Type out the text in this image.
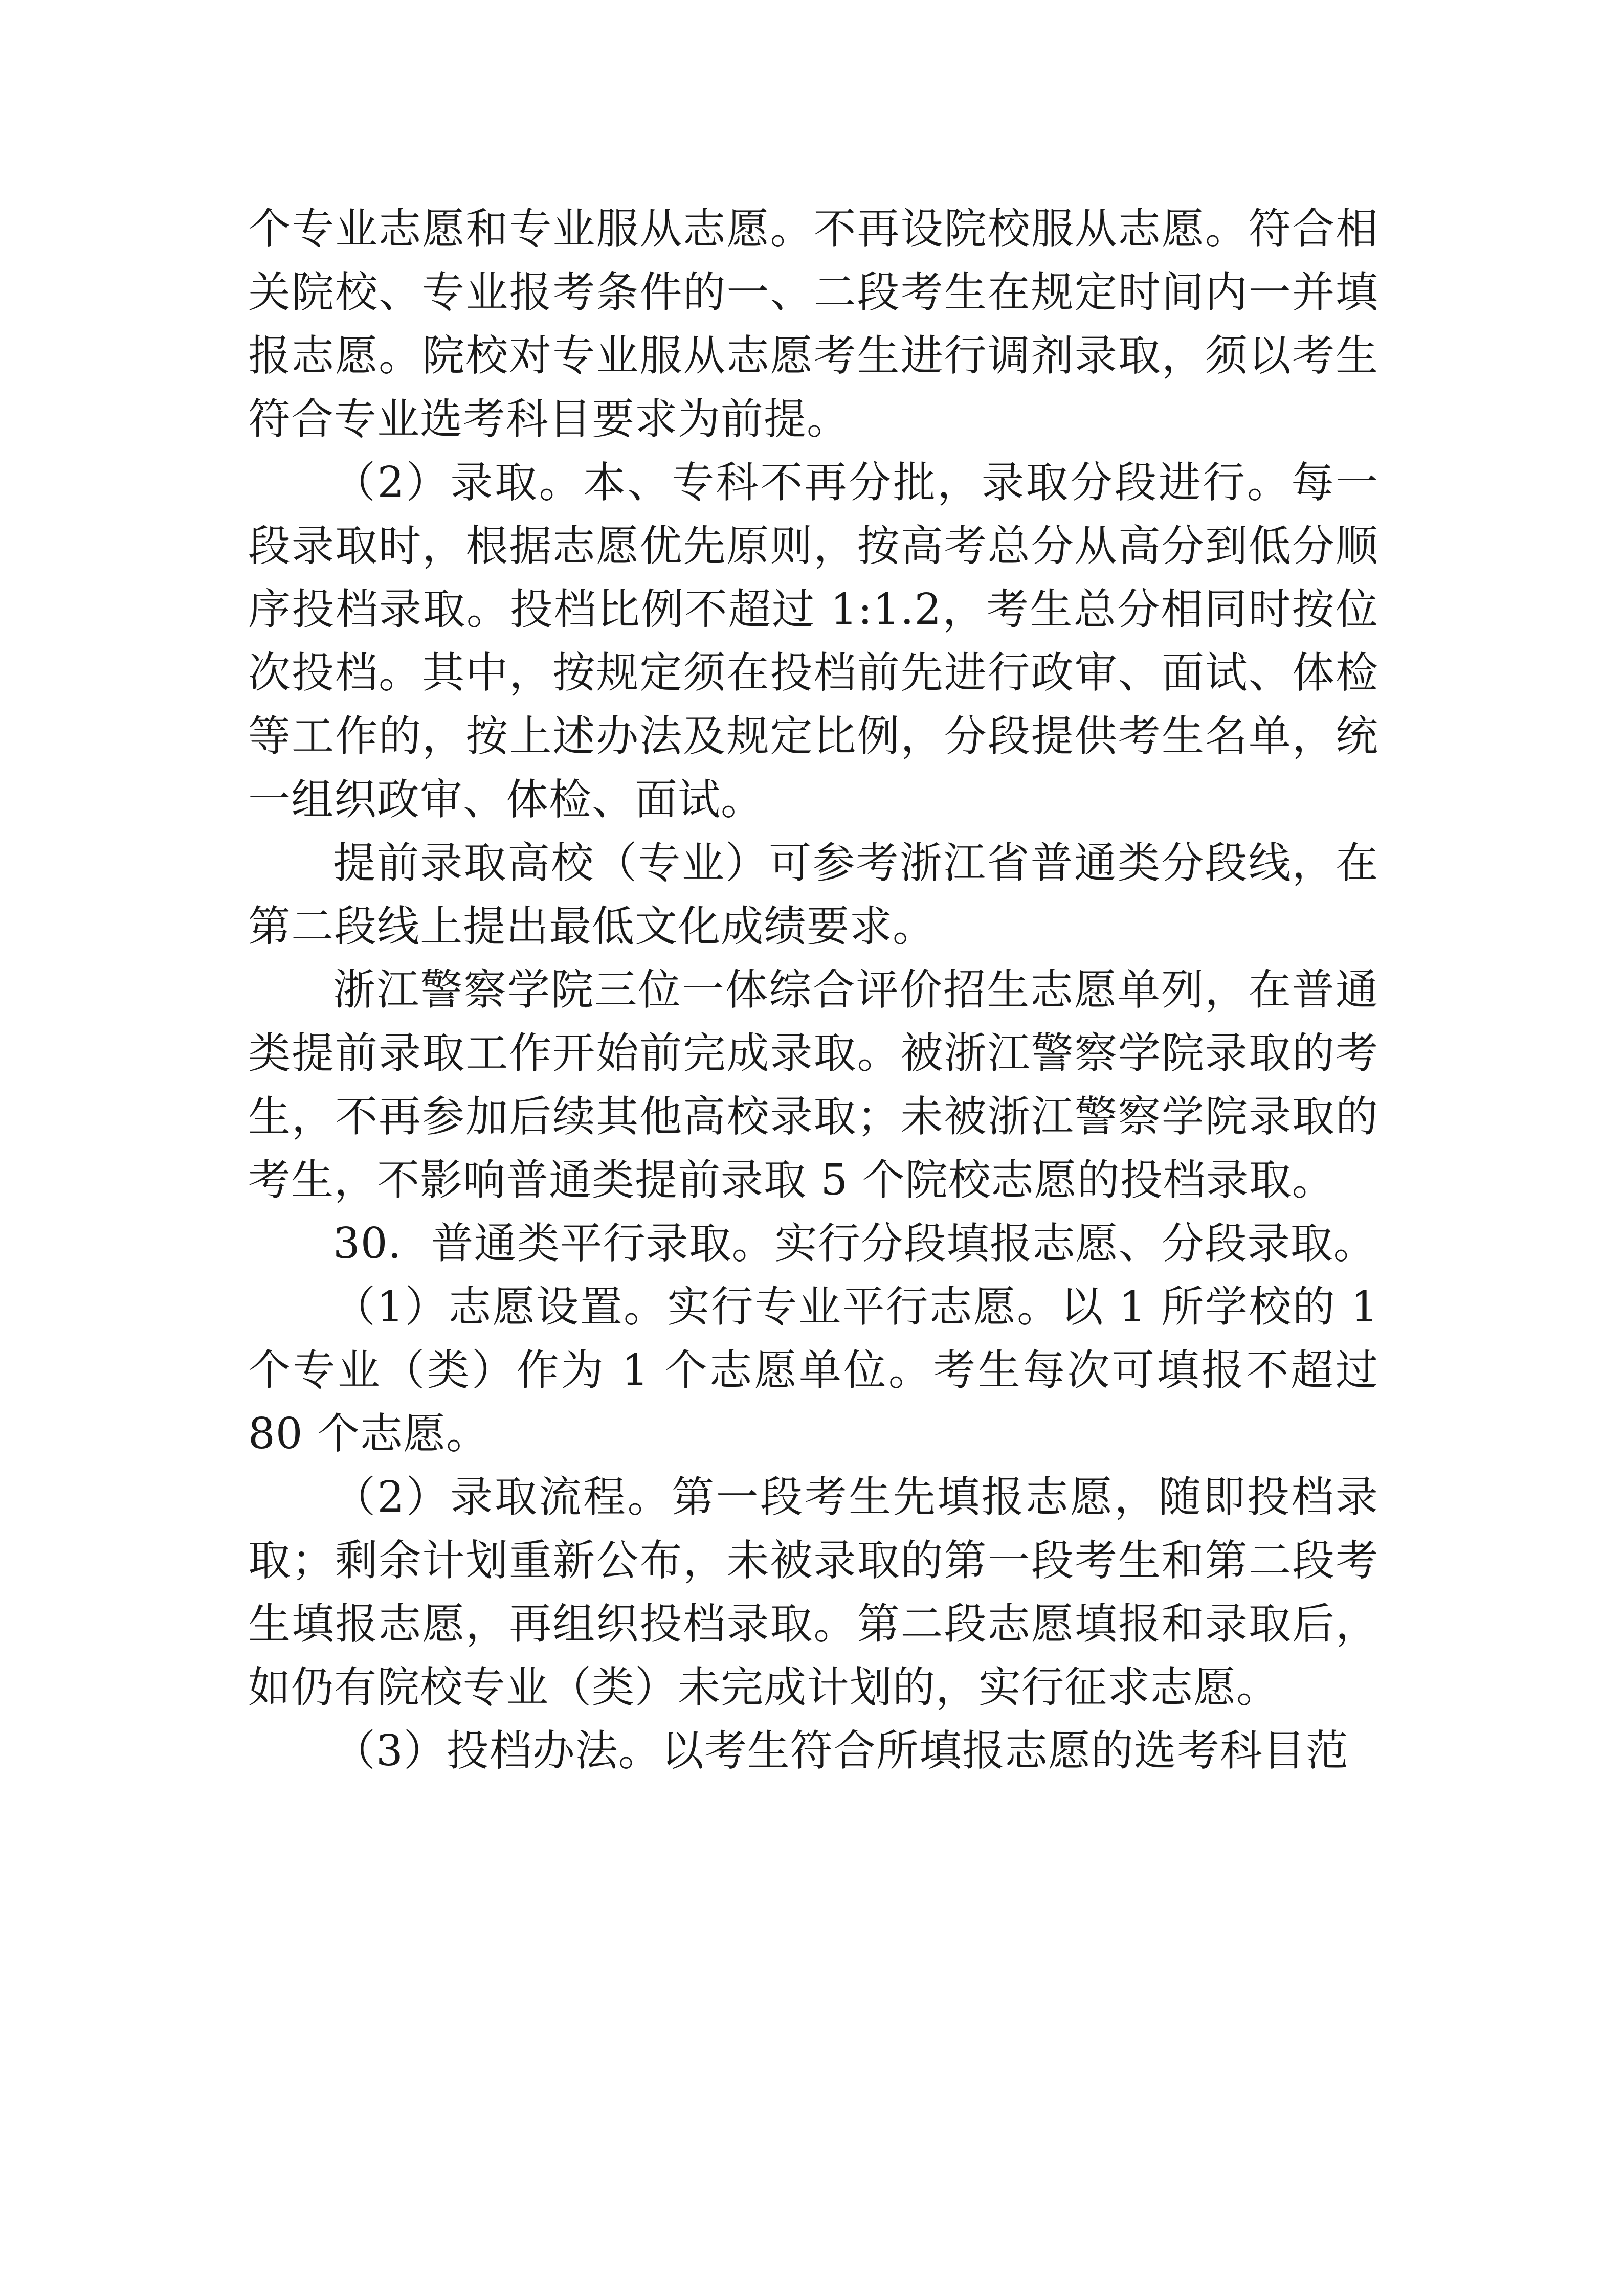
个专业志愿和专业服从志愿。不再设院校服从志愿。符合相关院校、专业报考条件的一、二段考生在规定时间内一并填报志愿。院校对专业服从志愿考生进行调剂录取，须以考生符合专业选考科目要求为前提。

（2）录取。本、专科不再分批，录取分段进行。每一段录取时，根据志愿优先原则，按高考总分从高分到低分顺序投档录取。投档比例不超过 1:1.2，考生总分相同时按位次投档。其中，按规定须在投档前先进行政审、面试、体检等工作的，按上述办法及规定比例，分段提供考生名单，统一组织政审、体检、面试。

提前录取高校（专业）可参考浙江省普通类分段线，在第二段线上提出最低文化成绩要求。

浙江警察学院三位一体综合评价招生志愿单列，在普通类提前录取工作开始前完成录取。被浙江警察学院录取的考生，不再参加后续其他高校录取；未被浙江警察学院录取的考生，不影响普通类提前录取 5 个院校志愿的投档录取。

30．普通类平行录取。实行分段填报志愿、分段录取。

（1）志愿设置。实行专业平行志愿。以 1 所学校的 1 个专业（类）作为 1 个志愿单位。考生每次可填报不超过 80 个志愿。

（2）录取流程。第一段考生先填报志愿，随即投档录取；剩余计划重新公布，未被录取的第一段考生和第二段考生填报志愿，再组织投档录取。第二段志愿填报和录取后，如仍有院校专业（类）未完成计划的，实行征求志愿。

（3）投档办法。以考生符合所填报志愿的选考科目范
